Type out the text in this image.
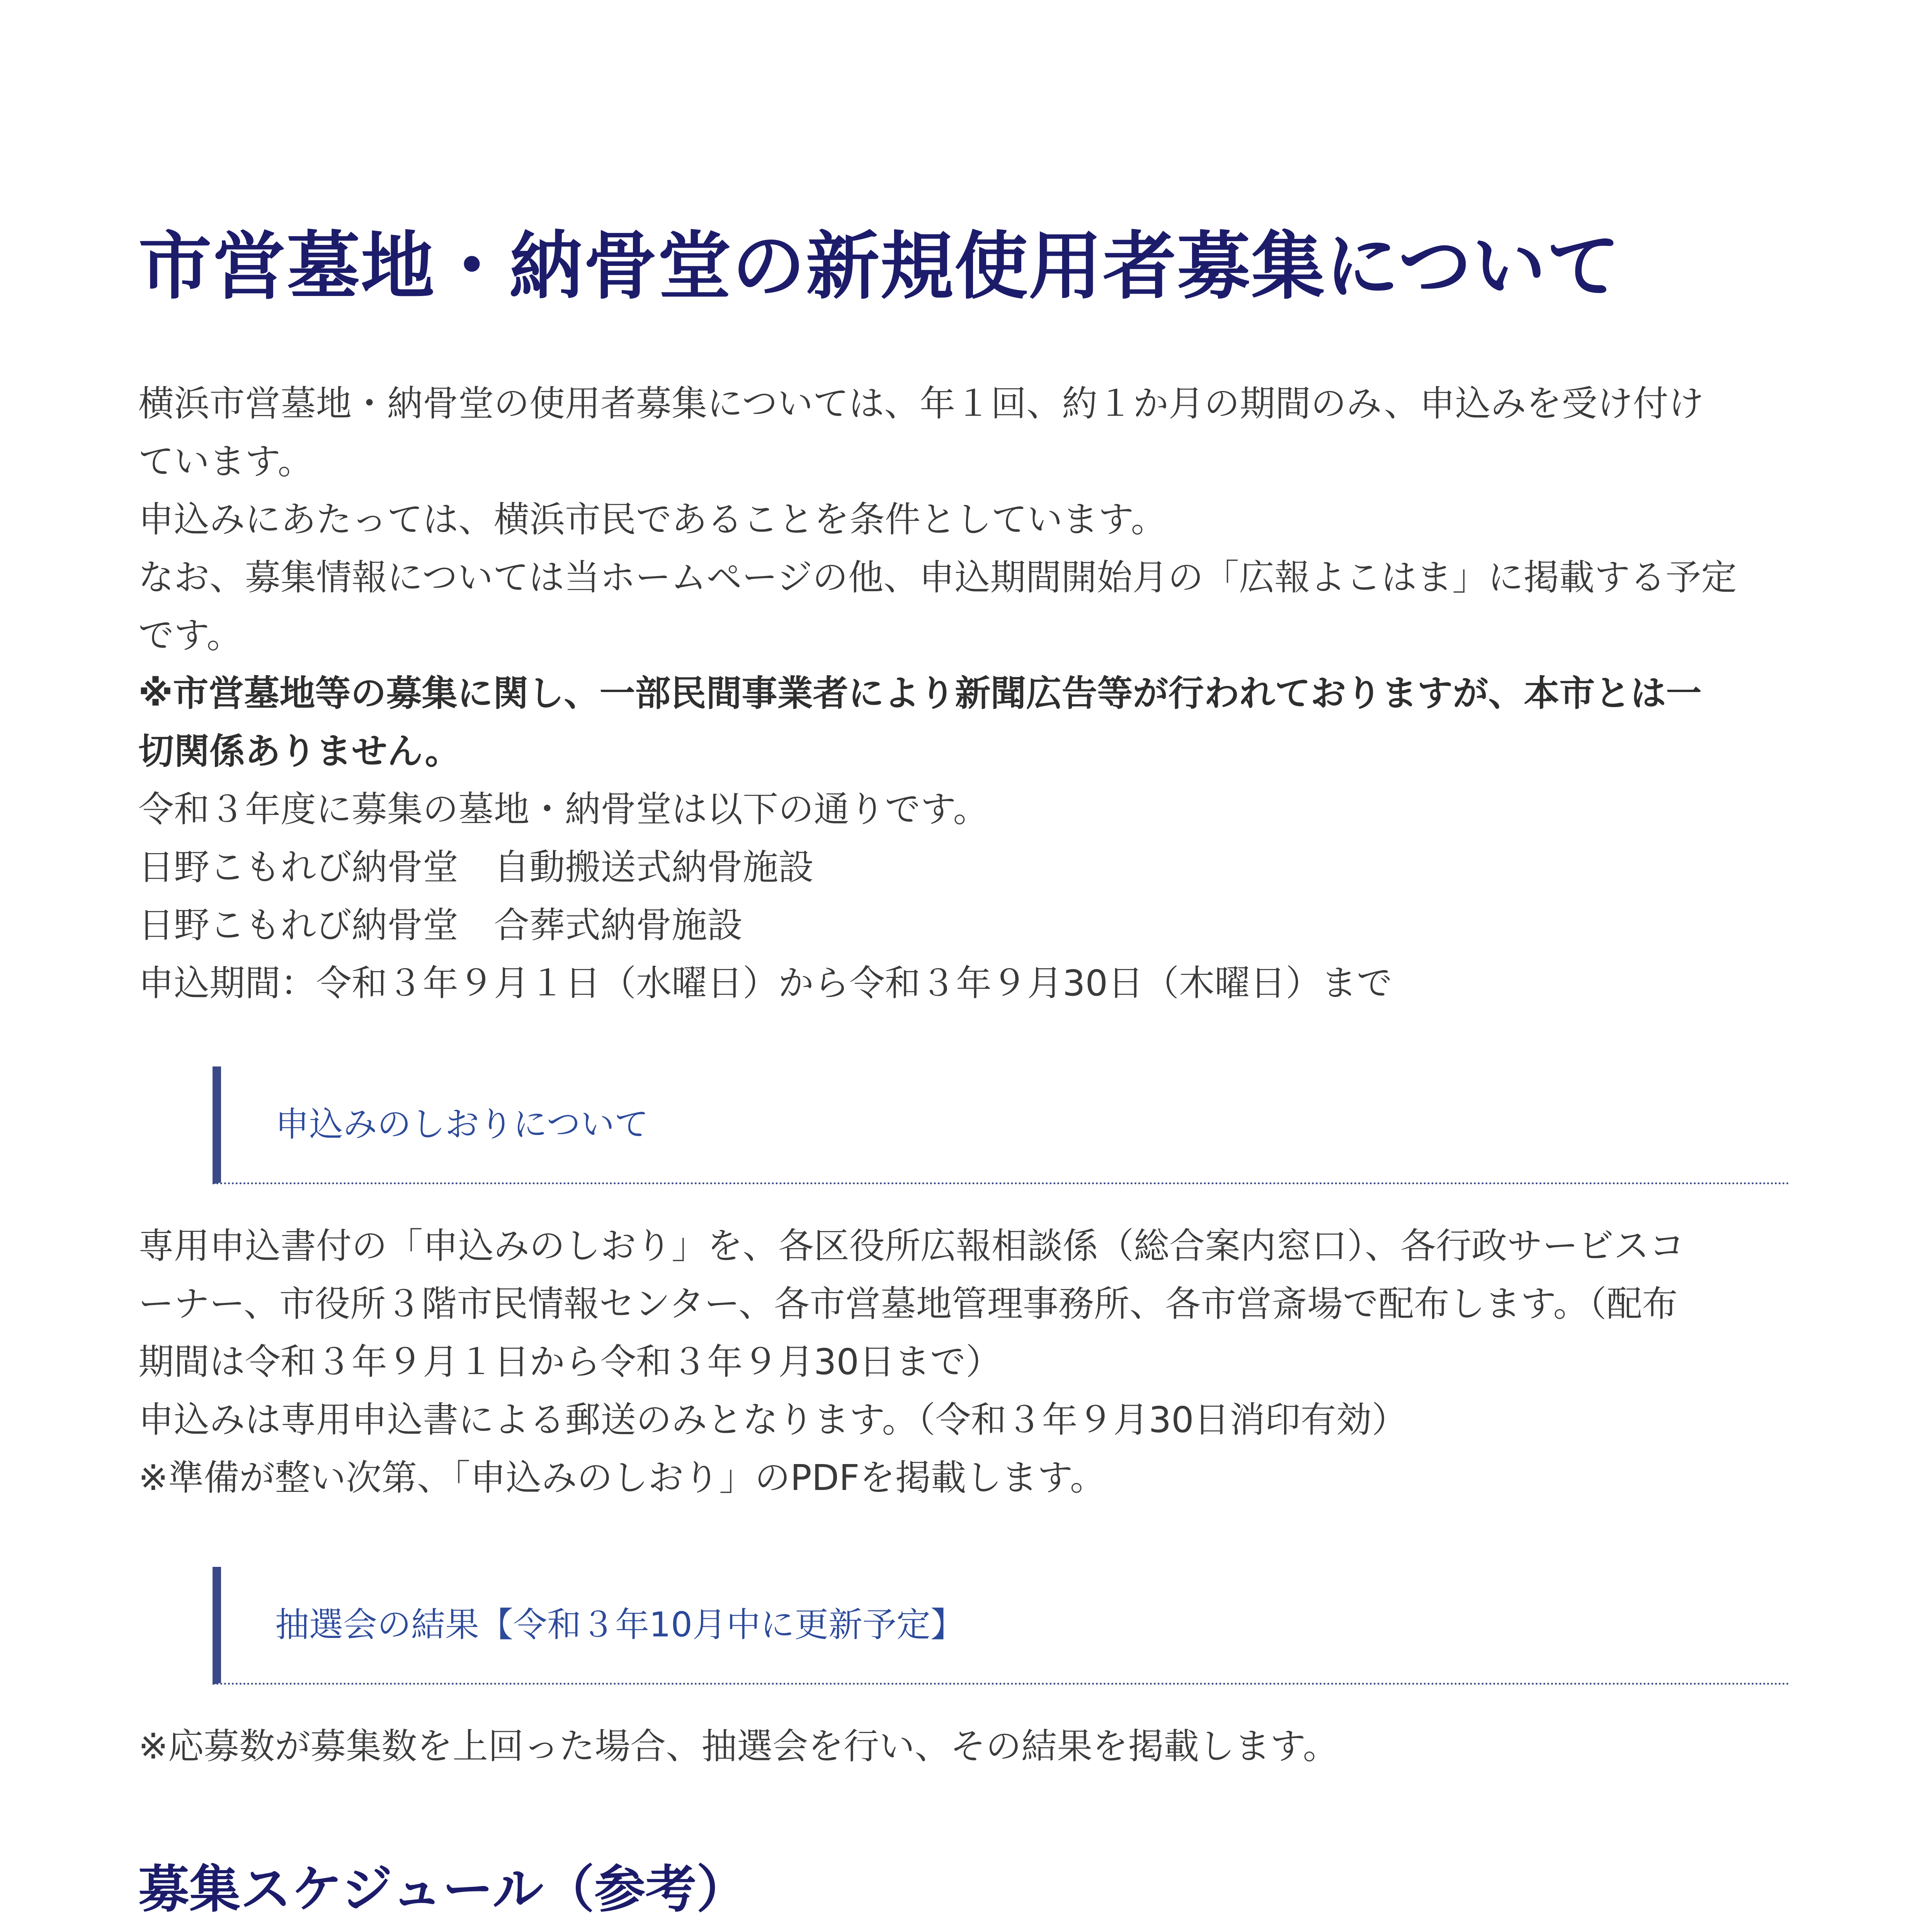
市営墓地・納骨堂の新規使用者募集について
横浜市営墓地・納骨堂の使用者募集については、年１回、約１か月の期間のみ、申込みを受け付け
ています。
申込みにあたっては、横浜市民であることを条件としています。
なお、募集情報については当ホームページの他、申込期間開始月の「広報よこはま」に掲載する予定
です。
※市営墓地等の募集に関し、一部民間事業者により新聞広告等が行われておりますが、本市とは一
切関係ありません。
令和３年度に募集の墓地・納骨堂は以下の通りです。
日野こもれび納骨堂　自動搬送式納骨施設
日野こもれび納骨堂　合葬式納骨施設
申込期間：令和３年９月１日（水曜日）から令和３年９月30日（木曜日）まで
申込みのしおりについて
専用申込書付の「申込みのしおり」を、各区役所広報相談係（総合案内窓口）、各行政サービスコ
ーナー、市役所３階市民情報センター、各市営墓地管理事務所、各市営斎場で配布します。（配布
期間は令和３年９月１日から令和３年９月30日まで）
申込みは専用申込書による郵送のみとなります。（令和３年９月30日消印有効）
※準備が整い次第、「申込みのしおり」のPDFを掲載します。
抽選会の結果【令和３年10月中に更新予定】
※応募数が募集数を上回った場合、抽選会を行い、その結果を掲載します。
募集スケジュール（参考）
